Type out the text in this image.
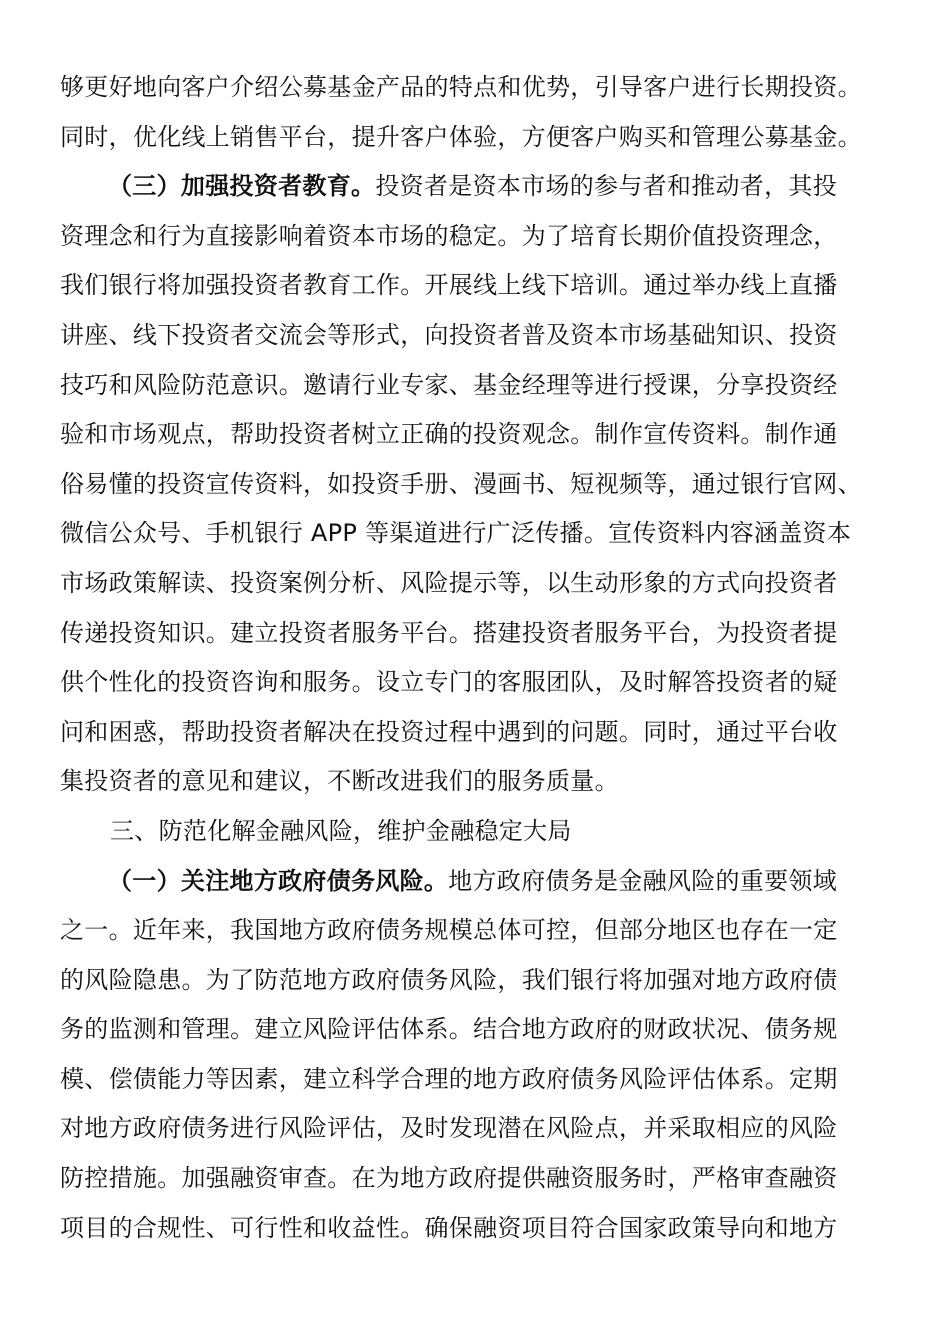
够更好地向客户介绍公募基金产品的特点和优势，引导客户进行长期投资。
同时，优化线上销售平台，提升客户体验，方便客户购买和管理公募基金。
（三）加强投资者教育。投资者是资本市场的参与者和推动者，其投
资理念和行为直接影响着资本市场的稳定。为了培育长期价值投资理念，
我们银行将加强投资者教育工作。开展线上线下培训。通过举办线上直播
讲座、线下投资者交流会等形式，向投资者普及资本市场基础知识、投资
技巧和风险防范意识。邀请行业专家、基金经理等进行授课，分享投资经
验和市场观点，帮助投资者树立正确的投资观念。制作宣传资料。制作通
俗易懂的投资宣传资料，如投资手册、漫画书、短视频等，通过银行官网、
微信公众号、手机银行 APP 等渠道进行广泛传播。宣传资料内容涵盖资本
市场政策解读、投资案例分析、风险提示等，以生动形象的方式向投资者
传递投资知识。建立投资者服务平台。搭建投资者服务平台，为投资者提
供个性化的投资咨询和服务。设立专门的客服团队，及时解答投资者的疑
问和困惑，帮助投资者解决在投资过程中遇到的问题。同时，通过平台收
集投资者的意见和建议，不断改进我们的服务质量。
三、防范化解金融风险，维护金融稳定大局
（一）关注地方政府债务风险。地方政府债务是金融风险的重要领域
之一。近年来，我国地方政府债务规模总体可控，但部分地区也存在一定
的风险隐患。为了防范地方政府债务风险，我们银行将加强对地方政府债
务的监测和管理。建立风险评估体系。结合地方政府的财政状况、债务规
模、偿债能力等因素，建立科学合理的地方政府债务风险评估体系。定期
对地方政府债务进行风险评估，及时发现潜在风险点，并采取相应的风险
防控措施。加强融资审查。在为地方政府提供融资服务时，严格审查融资
项目的合规性、可行性和收益性。确保融资项目符合国家政策导向和地方
